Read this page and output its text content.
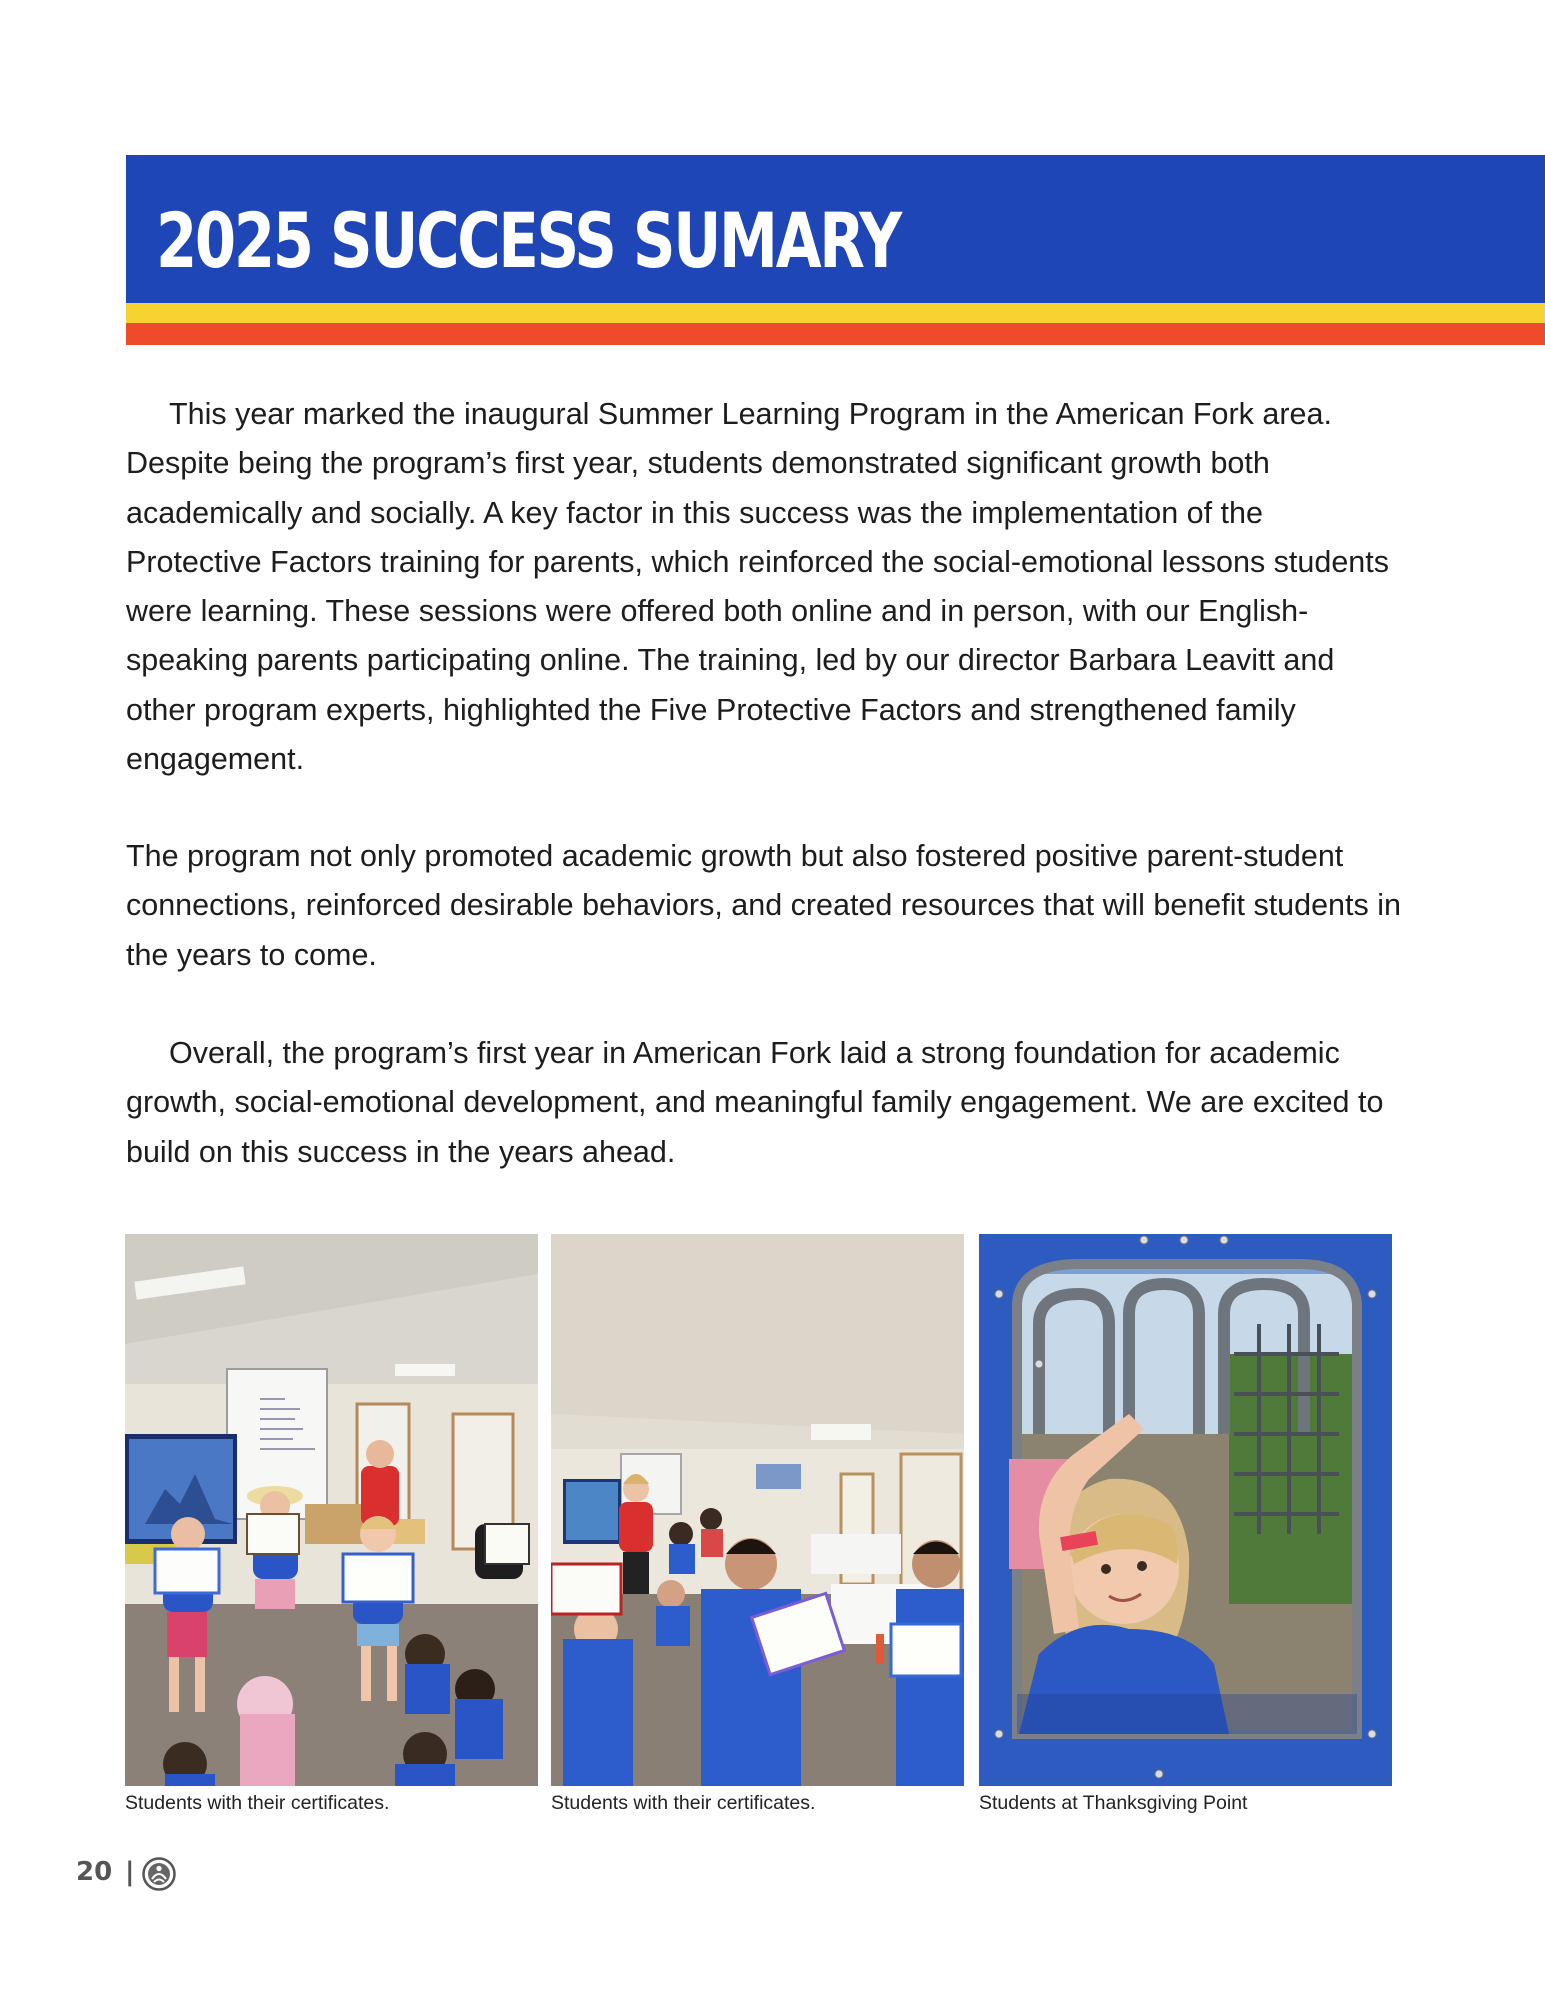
2025 SUCCESS SUMARY

This year marked the inaugural Summer Learning Program in the American Fork area. Despite being the program’s first year, students demonstrated significant growth both academically and socially. A key factor in this success was the implementation of the Protective Factors training for parents, which reinforced the social-emotional lessons students were learning. These sessions were offered both online and in person, with our English-speaking parents participating online. The training, led by our director Barbara Leavitt and other program experts, highlighted the Five Protective Factors and strengthened family engagement.

The program not only promoted academic growth but also fostered positive parent-student connections, reinforced desirable behaviors, and created resources that will benefit students in the years to come.

Overall, the program’s first year in American Fork laid a strong foundation for academic growth, social-emotional development, and meaningful family engagement. We are excited to build on this success in the years ahead.

Students with their certificates.	Students with their certificates.	Students at Thanksgiving Point
20 |
